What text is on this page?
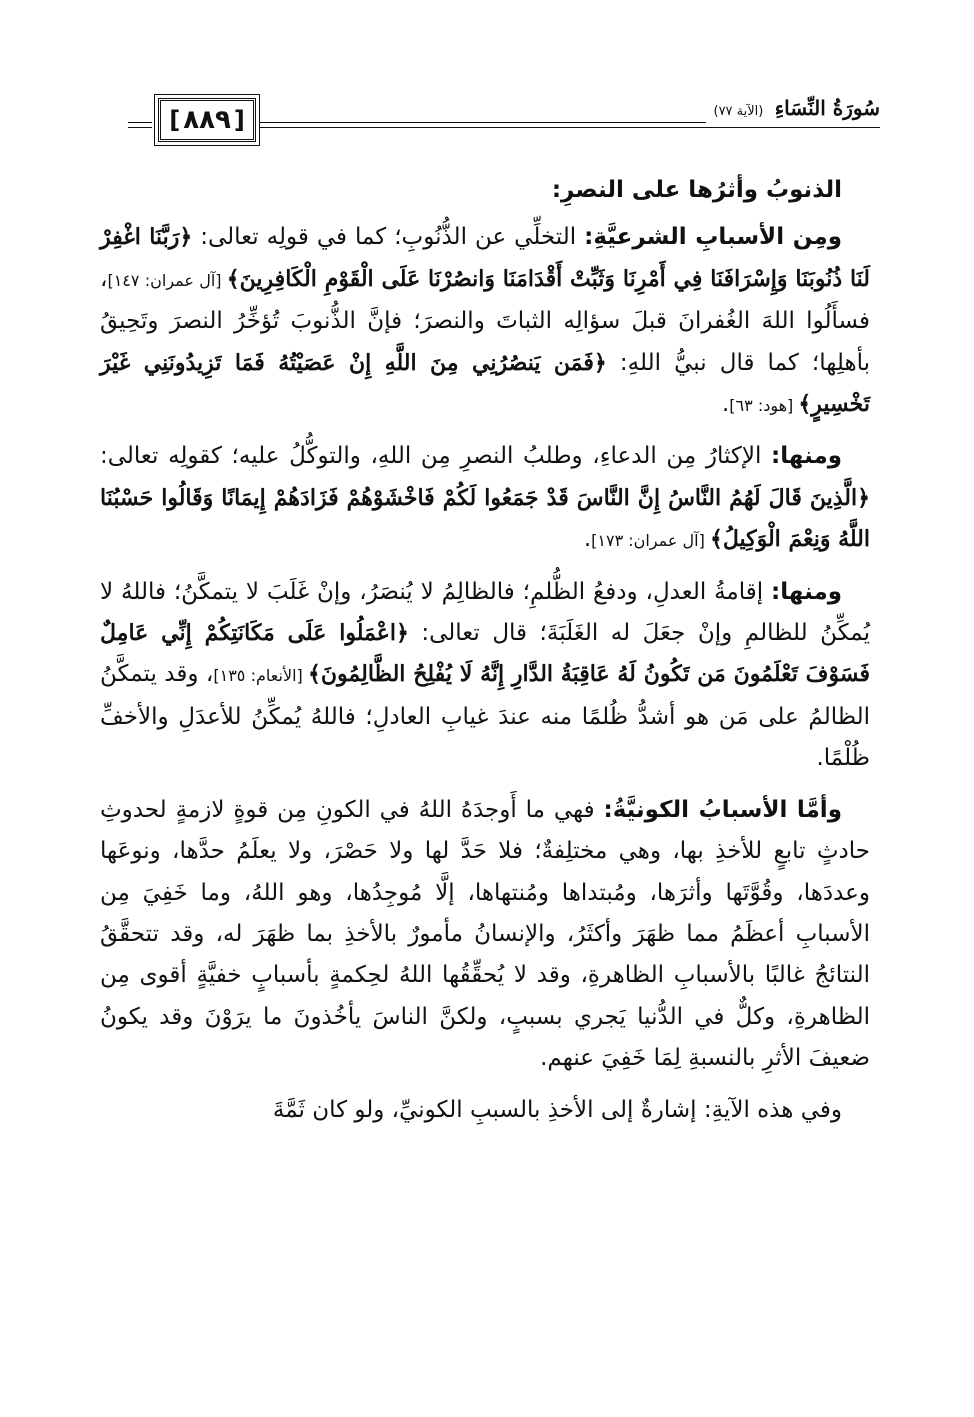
[
٨٨٩
]	سُورَةُ النِّسَاءِ (الآية ٧٧)

الذنوبُ وأثرُها على النصرِ:

ومِن الأسبابِ الشرعيَّةِ: التخلِّي عن الذُّنُوبِ؛ كما في قولِه تعالى: ﴿رَبَّنَا اغْفِرْ لَنَا ذُنُوبَنَا وَإِسْرَافَنَا فِي أَمْرِنَا وَثَبِّتْ أَقْدَامَنَا وَانصُرْنَا عَلَى الْقَوْمِ الْكَافِرِينَ﴾ [آل عمران: ١٤٧]، فسأَلُوا اللهَ الغُفرانَ قبلَ سؤالِه الثباتَ والنصرَ؛ فإنَّ الذُّنوبَ تُؤخِّرُ النصرَ وتَحِيقُ بأهلِها؛ كما قال نبيُّ اللهِ: ﴿فَمَن يَنصُرُنِي مِنَ اللَّهِ إِنْ عَصَيْتُهُ فَمَا تَزِيدُونَنِي غَيْرَ تَخْسِيرٍ﴾ [هود: ٦٣].

ومنها: الإكثارُ مِن الدعاءِ، وطلبُ النصرِ مِن اللهِ، والتوكُّلُ عليه؛ كقولِه تعالى: ﴿الَّذِينَ قَالَ لَهُمُ النَّاسُ إِنَّ النَّاسَ قَدْ جَمَعُوا لَكُمْ فَاخْشَوْهُمْ فَزَادَهُمْ إِيمَانًا وَقَالُوا حَسْبُنَا اللَّهُ وَنِعْمَ الْوَكِيلُ﴾ [آل عمران: ١٧٣].

ومنها: إقامةُ العدلِ، ودفعُ الظُّلمِ؛ فالظالِمُ لا يُنصَرُ، وإنْ غَلَبَ لا يتمكَّنُ؛ فاللهُ لا يُمكِّنُ للظالمِ وإنْ جعَلَ له الغَلَبَةَ؛ قال تعالى: ﴿اعْمَلُوا عَلَى مَكَانَتِكُمْ إِنِّي عَامِلٌ فَسَوْفَ تَعْلَمُونَ مَن تَكُونُ لَهُ عَاقِبَةُ الدَّارِ إِنَّهُ لَا يُفْلِحُ الظَّالِمُونَ﴾ [الأنعام: ١٣٥]، وقد يتمكَّنُ الظالمُ على مَن هو أشدُّ ظُلمًا منه عندَ غيابِ العادلِ؛ فاللهُ يُمكِّنُ للأعدَلِ والأخفِّ ظُلْمًا.

وأمَّا الأسبابُ الكونيَّةُ: فهي ما أَوجدَهُ اللهُ في الكونِ مِن قوةٍ لازمةٍ لحدوثِ حادثٍ تابعٍ للأخذِ بها، وهي مختلِفةٌ؛ فلا حَدَّ لها ولا حَصْرَ، ولا يعلَمُ حدَّها، ونوعَها وعددَها، وقُوَّتَها وأثرَها، ومُبتداها ومُنتهاها، إلَّا مُوجِدُها، وهو اللهُ، وما خَفِيَ مِن الأسبابِ أعظَمُ مما ظهَرَ وأكثَرُ، والإنسانُ مأمورٌ بالأخذِ بما ظهَرَ له، وقد تتحقَّقُ النتائجُ غالبًا بالأسبابِ الظاهرةِ، وقد لا يُحقِّقُها اللهُ لحِكمةٍ بأسبابٍ خفيَّةٍ أقوى مِن الظاهرةِ، وكلٌّ في الدُّنيا يَجري بسببٍ، ولكنَّ الناسَ يأخُذونَ ما يرَوْنَ وقد يكونُ ضعيفَ الأثرِ بالنسبةِ لِمَا خَفِيَ عنهم.

وفي هذه الآيةِ: إشارةٌ إلى الأخذِ بالسببِ الكونيِّ، ولو كان ثَمَّةَ
